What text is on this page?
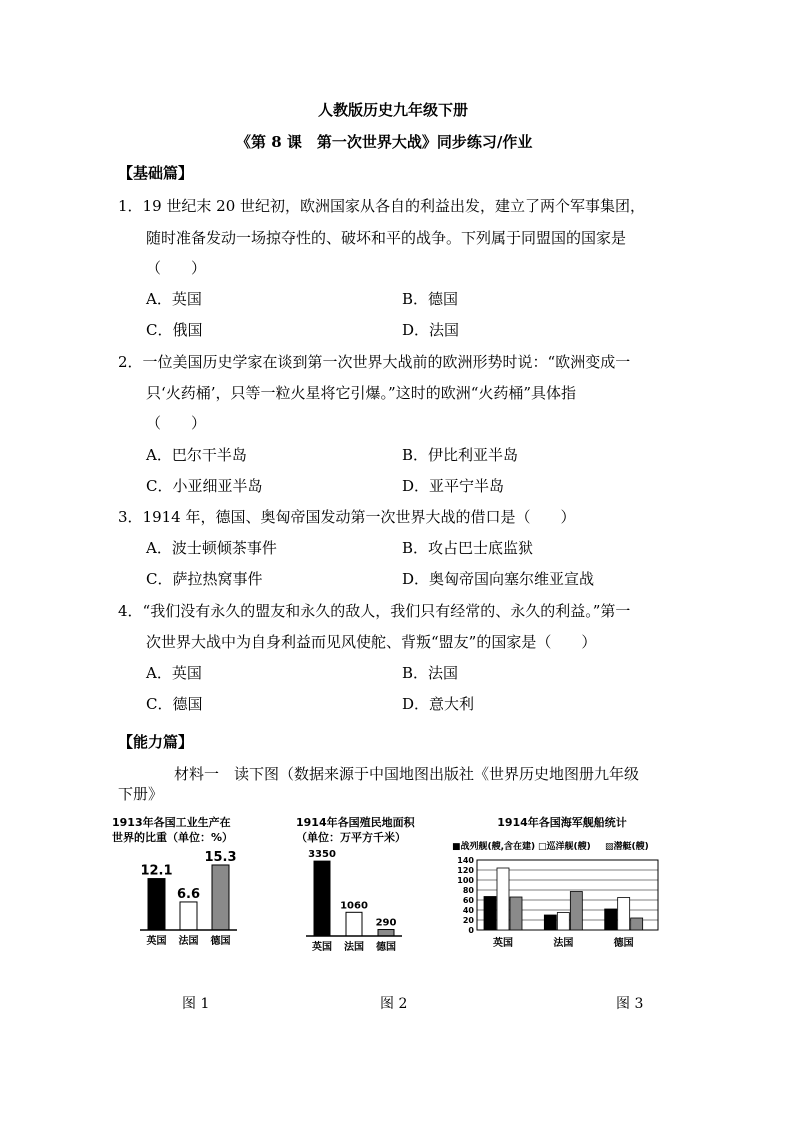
人教版历史九年级下册
《第 8 课　第一次世界大战》同步练习/作业
【基础篇】
1．19 世纪末 20 世纪初，欧洲国家从各自的利益出发，建立了两个军事集团，
随时准备发动一场掠夺性的、破坏和平的战争。下列属于同盟国的国家是
（　　）
A．英国	B．德国
C．俄国	D．法国
2．一位美国历史学家在谈到第一次世界大战前的欧洲形势时说：“欧洲变成一
只‘火药桶’，只等一粒火星将它引爆。”这时的欧洲“火药桶”具体指
（　　）
A．巴尔干半岛	B．伊比利亚半岛
C．小亚细亚半岛	D．亚平宁半岛
3．1914 年，德国、奥匈帝国发动第一次世界大战的借口是（　　）
A．波士顿倾茶事件	B．攻占巴士底监狱
C．萨拉热窝事件	D．奥匈帝国向塞尔维亚宣战
4．“我们没有永久的盟友和永久的敌人，我们只有经常的、永久的利益。”第一
次世界大战中为自身利益而见风使舵、背叛“盟友”的国家是（　　）
A．英国	B．法国
C．德国	D．意大利
【能力篇】
材料一　读下图（数据来源于中国地图出版社《世界历史地图册九年级
下册》
1913年各国工业生产在
世界的比重（单位：%）
12.1
英国
6.6
法国
15.3
德国
1914年各国殖民地面积
（单位：万平方千米）
3350
英国
1060
法国
290
德国
1914年各国海军舰船统计
■战列舰(艘,含在建) □巡洋舰(艘) ▨潜艇(艘)
0
20
40
60
80
100
120
140
英国	法国	德国
图 1	图 2	图 3
